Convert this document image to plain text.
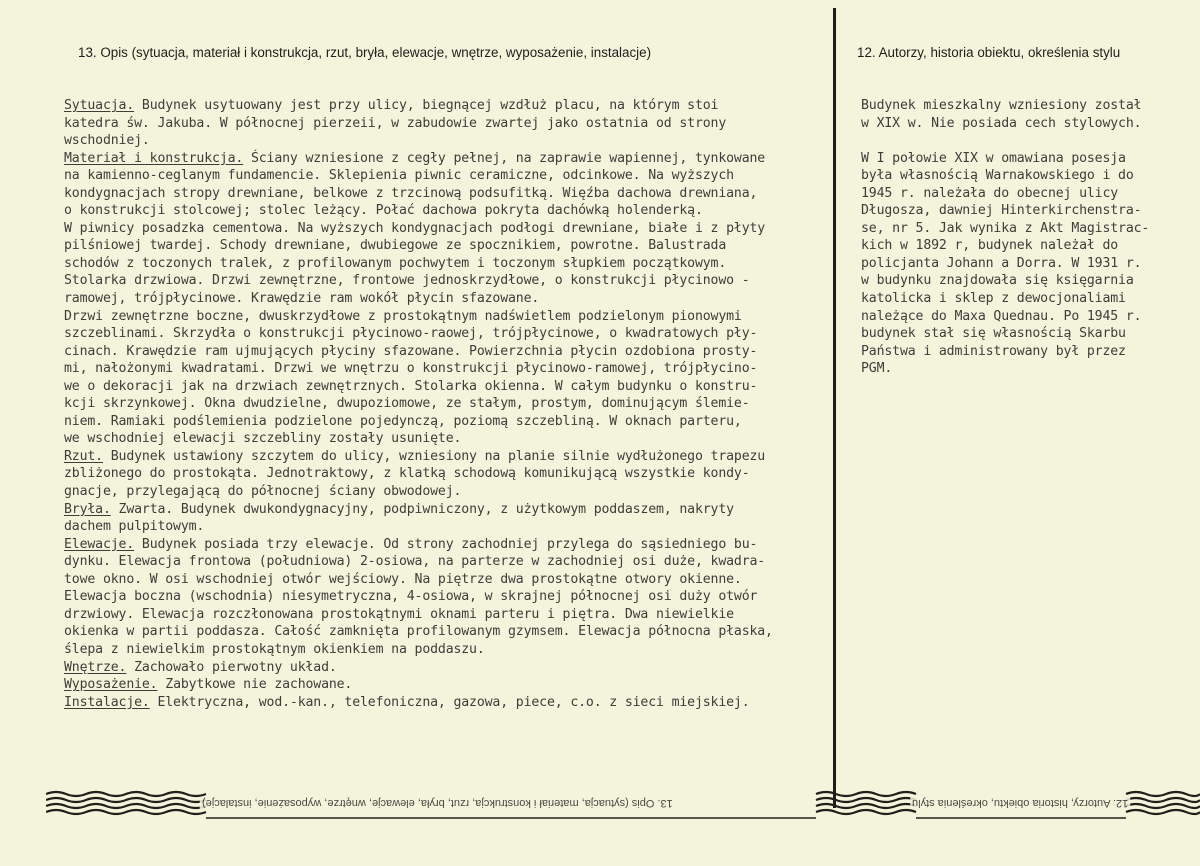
13. Opis (sytuacja, materiał i konstrukcja, rzut, bryła, elewacje, wnętrze, wyposażenie, instalacje)	12. Autorzy, historia obiektu, określenia stylu
Sytuacja. Budynek usytuowany jest przy ulicy, biegnącej wzdłuż placu, na którym stoi
katedra św. Jakuba. W północnej pierzeii, w zabudowie zwartej jako ostatnia od strony
wschodniej.
Materiał i konstrukcja. Ściany wzniesione z cegły pełnej, na zaprawie wapiennej, tynkowane
na kamienno-ceglanym fundamencie. Sklepienia piwnic ceramiczne, odcinkowe. Na wyższych
kondygnacjach stropy drewniane, belkowe z trzcinową podsufitką. Więźba dachowa drewniana,
o konstrukcji stolcowej; stolec leżący. Połać dachowa pokryta dachówką holenderką.
W piwnicy posadzka cementowa. Na wyższych kondygnacjach podłogi drewniane, białe i z płyty
pilśniowej twardej. Schody drewniane, dwubiegowe ze spocznikiem, powrotne. Balustrada
schodów z toczonych tralek, z profilowanym pochwytem i toczonym słupkiem początkowym.
Stolarka drzwiowa. Drzwi zewnętrzne, frontowe jednoskrzydłowe, o konstrukcji płycinowo -
ramowej, trójpłycinowe. Krawędzie ram wokół płycin sfazowane.
Drzwi zewnętrzne boczne, dwuskrzydłowe z prostokątnym nadświetlem podzielonym pionowymi
szczeblinami. Skrzydła o konstrukcji płycinowo-raowej, trójpłycinowe, o kwadratowych pły-
cinach. Krawędzie ram ujmujących płyciny sfazowane. Powierzchnia płycin ozdobiona prosty-
mi, nałożonymi kwadratami. Drzwi we wnętrzu o konstrukcji płycinowo-ramowej, trójpłycino-
we o dekoracji jak na drzwiach zewnętrznych. Stolarka okienna. W całym budynku o konstru-
kcji skrzynkowej. Okna dwudzielne, dwupoziomowe, ze stałym, prostym, dominującym ślemie-
niem. Ramiaki podślemienia podzielone pojedynczą, poziomą szczebliną. W oknach parteru,
we wschodniej elewacji szczebliny zostały usunięte.
Rzut. Budynek ustawiony szczytem do ulicy, wzniesiony na planie silnie wydłużonego trapezu
zbliżonego do prostokąta. Jednotraktowy, z klatką schodową komunikującą wszystkie kondy-
gnacje, przylegającą do północnej ściany obwodowej.
Bryła. Zwarta. Budynek dwukondygnacyjny, podpiwniczony, z użytkowym poddaszem, nakryty
dachem pulpitowym.
Elewacje. Budynek posiada trzy elewacje. Od strony zachodniej przylega do sąsiedniego bu-
dynku. Elewacja frontowa (południowa) 2-osiowa, na parterze w zachodniej osi duże, kwadra-
towe okno. W osi wschodniej otwór wejściowy. Na piętrze dwa prostokątne otwory okienne.
Elewacja boczna (wschodnia) niesymetryczna, 4-osiowa, w skrajnej północnej osi duży otwór
drzwiowy. Elewacja rozczłonowana prostokątnymi oknami parteru i piętra. Dwa niewielkie
okienka w partii poddasza. Całość zamknięta profilowanym gzymsem. Elewacja północna płaska,
ślepa z niewielkim prostokątnym okienkiem na poddaszu.
Wnętrze. Zachowało pierwotny układ.
Wyposażenie. Zabytkowe nie zachowane.
Instalacje. Elektryczna, wod.-kan., telefoniczna, gazowa, piece, c.o. z sieci miejskiej.
Budynek mieszkalny wzniesiony został
w XIX w. Nie posiada cech stylowych.
W I połowie XIX w omawiana posesja
była własnością Warnakowskiego i do
1945 r. należała do obecnej ulicy
Długosza, dawniej Hinterkirchenstra-
se, nr 5. Jak wynika z Akt Magistrac-
kich w 1892 r, budynek należał do
policjanta Johann a Dorra. W 1931 r.
w budynku znajdowała się księgarnia
katolicka i sklep z dewocjonaliami
należące do Maxa Quednau. Po 1945 r.
budynek stał się własnością Skarbu
Państwa i administrowany był przez
PGM.
13. Opis (sytuacja, materiał i konstrukcja, rzut, bryła, elewacje, wnętrze, wyposażenie, instalacje)	12. Autorzy, historia obiektu, określenia stylu
